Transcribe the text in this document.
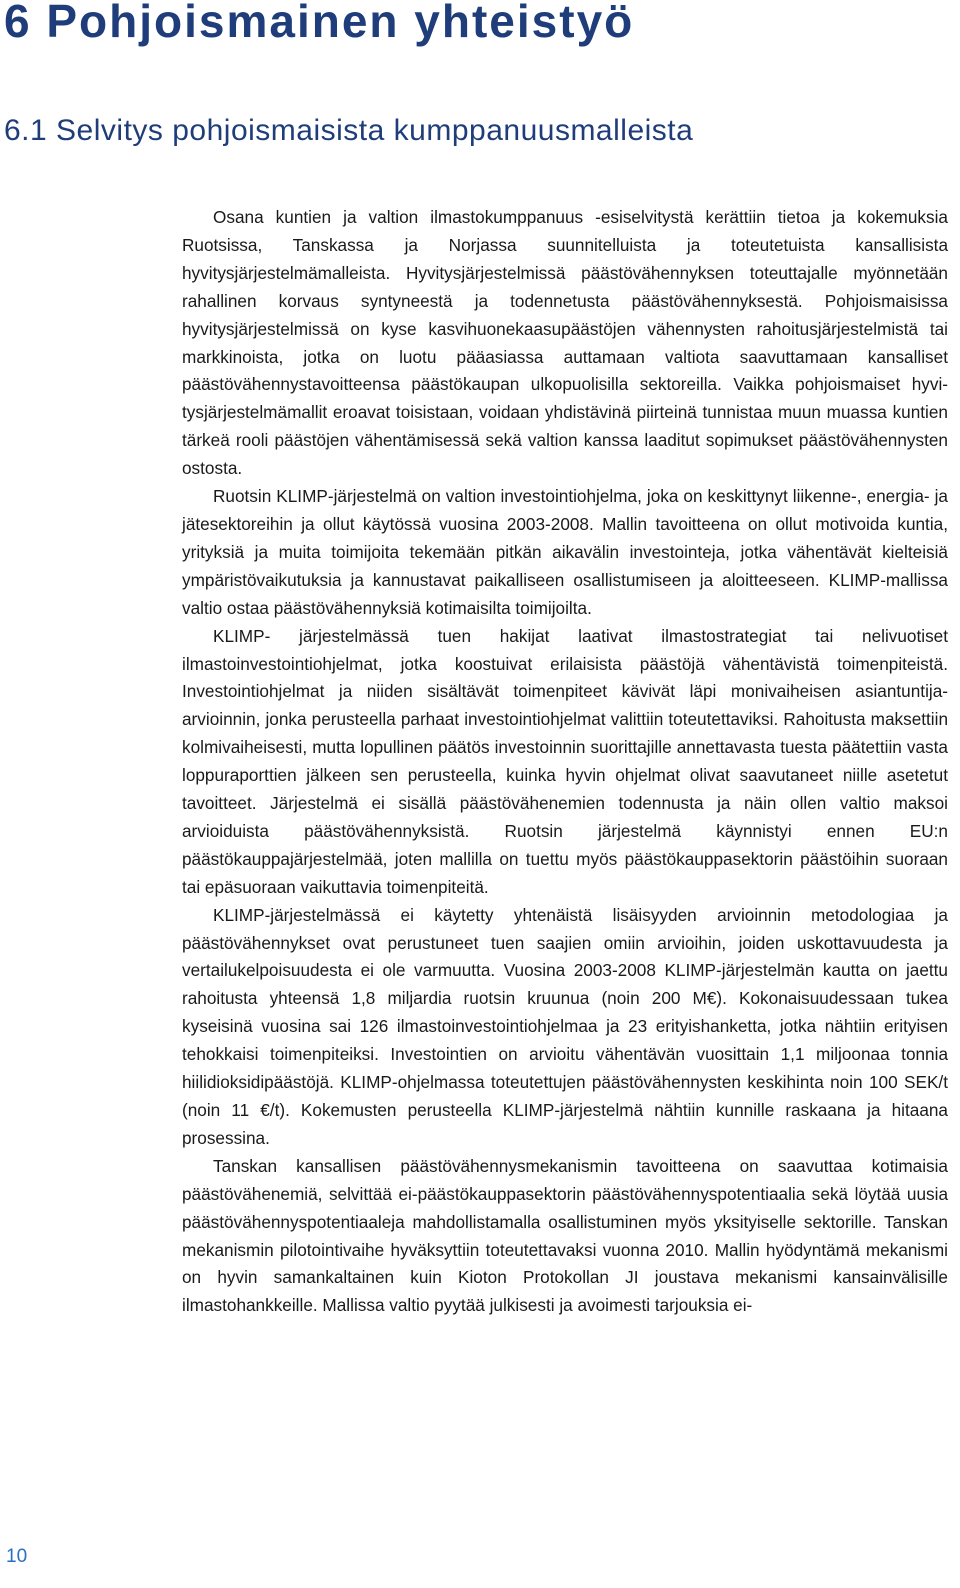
6 Pohjoismainen yhteistyö
6.1 Selvitys pohjoismaisista kumppanuusmalleista

Osana kuntien ja valtion ilmastokumppanuus -esiselvitystä kerättiin tietoa ja kokemuksia Ruotsissa, Tanskassa ja Norjassa suunnitelluista ja toteutetuista kansallisista hyvitysjärjestelmämalleista. Hyvitysjärjestelmissä päästövähennyksen toteuttajalle myönnetään rahallinen korvaus syntyneestä ja todennetusta päästövähennyksestä. Pohjoismaisissa hyvitysjärjestelmissä on kyse kasvihuonekaasupäästöjen vähennysten rahoitusjärjestelmistä tai markkinoista, jotka on luotu pääasiassa auttamaan valtiota saavuttamaan kansalliset päästövähennystavoitteensa päästökaupan ulkopuolisilla sektoreilla. Vaikka pohjoismaiset hyvitysjärjestelmämallit eroavat toisistaan, voidaan yhdistävinä piirteinä tunnistaa muun muassa kuntien tärkeä rooli päästöjen vähentämisessä sekä valtion kanssa laaditut sopimukset päästövähennysten ostosta.

Ruotsin KLIMP-järjestelmä on valtion investointiohjelma, joka on keskittynyt liikenne-, energia- ja jätesektoreihin ja ollut käytössä vuosina 2003-2008. Mallin tavoitteena on ollut motivoida kuntia, yrityksiä ja muita toimijoita tekemään pitkän aikavälin investointeja, jotka vähentävät kielteisiä ympäristövaikutuksia ja kannustavat paikalliseen osallistumiseen ja aloitteeseen. KLIMP-mallissa valtio ostaa päästövähennyksiä kotimaisilta toimijoilta.

KLIMP- järjestelmässä tuen hakijat laativat ilmastostrategiat tai nelivuotiset ilmastoinvestointiohjelmat, jotka koostuivat erilaisista päästöjä vähentävistä toimenpiteistä. Investointiohjelmat ja niiden sisältävät toimenpiteet kävivät läpi monivaiheisen asiantuntija-arvioinnin, jonka perusteella parhaat investointiohjelmat valittiin toteutettaviksi. Rahoitusta maksettiin kolmivaiheisesti, mutta lopullinen päätös investoinnin suorittajille annettavasta tuesta päätettiin vasta loppuraporttien jälkeen sen perusteella, kuinka hyvin ohjelmat olivat saavutaneet niille asetetut tavoitteet. Järjestelmä ei sisällä päästövähenemien todennusta ja näin ollen valtio maksoi arvioiduista päästövähennyksistä. Ruotsin järjestelmä käynnistyi ennen EU:n päästökauppajärjestelmää, joten mallilla on tuettu myös päästökauppasektorin päästöihin suoraan tai epäsuoraan vaikuttavia toimenpiteitä.

KLIMP-järjestelmässä ei käytetty yhtenäistä lisäisyyden arvioinnin metodologiaa ja päästövähennykset ovat perustuneet tuen saajien omiin arvioihin, joiden uskottavuudesta ja vertailukelpoisuudesta ei ole varmuutta. Vuosina 2003-2008 KLIMP-järjestelmän kautta on jaettu rahoitusta yhteensä 1,8 miljardia ruotsin kruunua (noin 200 M€). Kokonaisuudessaan tukea kyseisinä vuosina sai 126 ilmastoinvestointiohjelmaa ja 23 erityishanketta, jotka nähtiin erityisen tehokkaisi toimenpiteiksi. Investointien on arvioitu vähentävän vuosittain 1,1 miljoonaa tonnia hiilidioksidipäästöjä. KLIMP-ohjelmassa toteutettujen päästövähennysten keskihinta noin 100 SEK/t (noin 11 €/t). Kokemusten perusteella KLIMP-järjestelmä nähtiin kunnille raskaana ja hitaana prosessina.

Tanskan kansallisen päästövähennysmekanismin tavoitteena on saavuttaa kotimaisia päästövähenemiä, selvittää ei-päästökauppasektorin päästövähennyspotentiaalia sekä löytää uusia päästövähennyspotentiaaleja mahdollistamalla osallistuminen myös yksityiselle sektorille. Tanskan mekanismin pilotointivaihe hyväksyttiin toteutettavaksi vuonna 2010. Mallin hyödyntämä mekanismi on hyvin samankaltainen kuin Kioton Protokollan JI joustava mekanismi kansainvälisille ilmastohankkeille. Mallissa valtio pyytää julkisesti ja avoimesti tarjouksia ei-

10
